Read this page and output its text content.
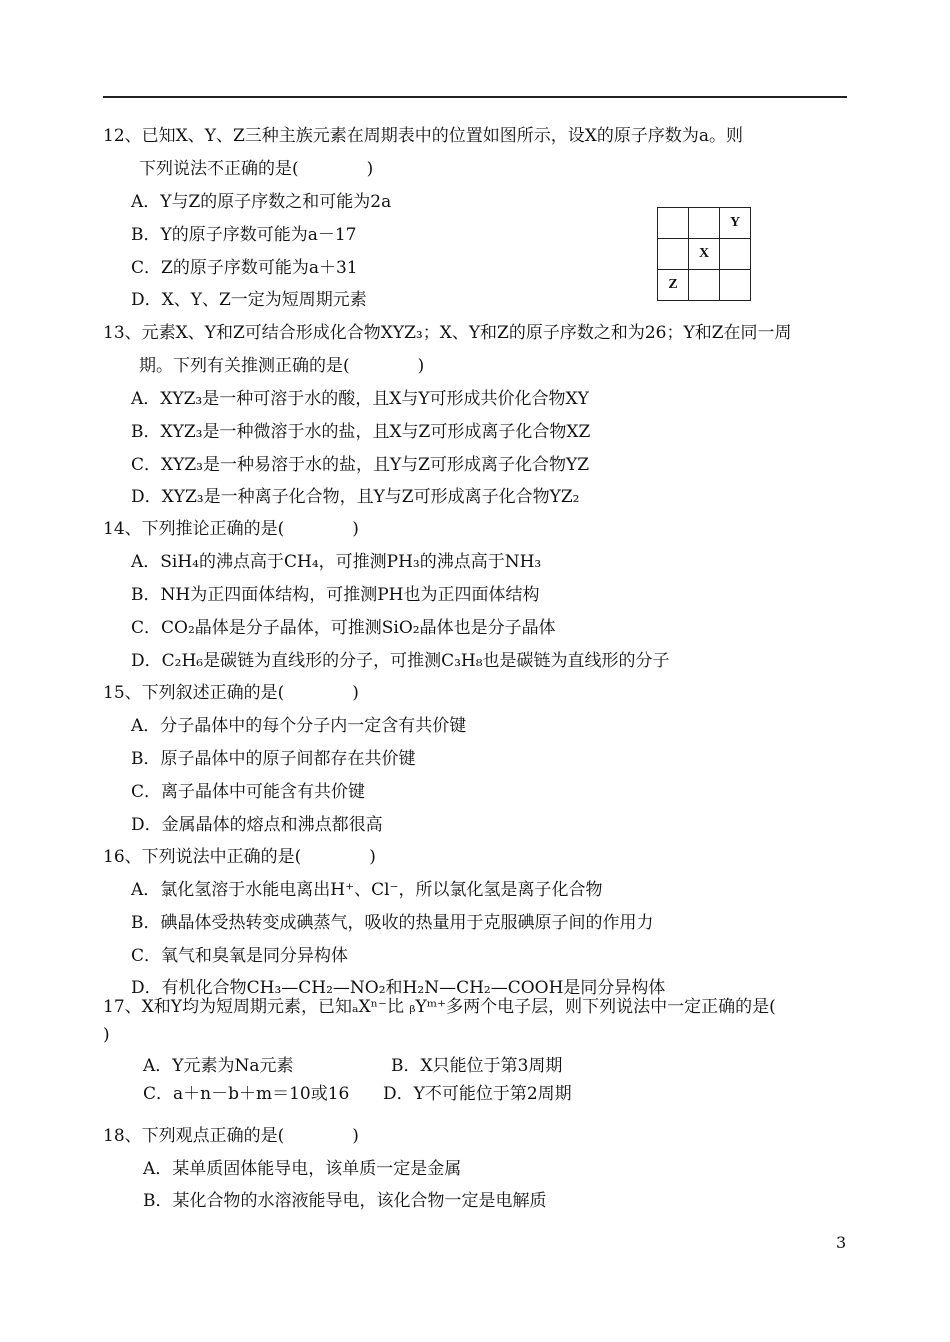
12、已知X、Y、Z三种主族元素在周期表中的位置如图所示，设X的原子序数为a。则
下列说法不正确的是(　　　　)
A．Y与Z的原子序数之和可能为2a
B．Y的原子序数可能为a－17
C．Z的原子序数可能为a＋31
D．X、Y、Z一定为短周期元素
		Y
	X	
Z		
13、元素X、Y和Z可结合形成化合物XYZ₃；X、Y和Z的原子序数之和为26；Y和Z在同一周
期。下列有关推测正确的是(　　　　)
A．XYZ₃是一种可溶于水的酸，且X与Y可形成共价化合物XY
B．XYZ₃是一种微溶于水的盐，且X与Z可形成离子化合物XZ
C．XYZ₃是一种易溶于水的盐，且Y与Z可形成离子化合物YZ
D．XYZ₃是一种离子化合物，且Y与Z可形成离子化合物YZ₂
14、下列推论正确的是(　　　　)
A．SiH₄的沸点高于CH₄，可推测PH₃的沸点高于NH₃
B．NH为正四面体结构，可推测PH也为正四面体结构
C．CO₂晶体是分子晶体，可推测SiO₂晶体也是分子晶体
D．C₂H₆是碳链为直线形的分子，可推测C₃H₈也是碳链为直线形的分子
15、下列叙述正确的是(　　　　)
A．分子晶体中的每个分子内一定含有共价键
B．原子晶体中的原子间都存在共价键
C．离子晶体中可能含有共价键
D．金属晶体的熔点和沸点都很高
16、下列说法中正确的是(　　　　)
A．氯化氢溶于水能电离出H⁺、Cl⁻，所以氯化氢是离子化合物
B．碘晶体受热转变成碘蒸气，吸收的热量用于克服碘原子间的作用力
C．氧气和臭氧是同分异构体
D．有机化合物CH₃—CH₂—NO₂和H₂N—CH₂—COOH是同分异构体
17、X和Y均为短周期元素，已知ₐXⁿ⁻比 ᵦYᵐ⁺多两个电子层，则下列说法中一定正确的是(
)
A．Y元素为Na元素	B．X只能位于第3周期
C．a＋n－b＋m＝10或16 D．Y不可能位于第2周期
18、下列观点正确的是(　　　　)
A．某单质固体能导电，该单质一定是金属
B．某化合物的水溶液能导电，该化合物一定是电解质
3
